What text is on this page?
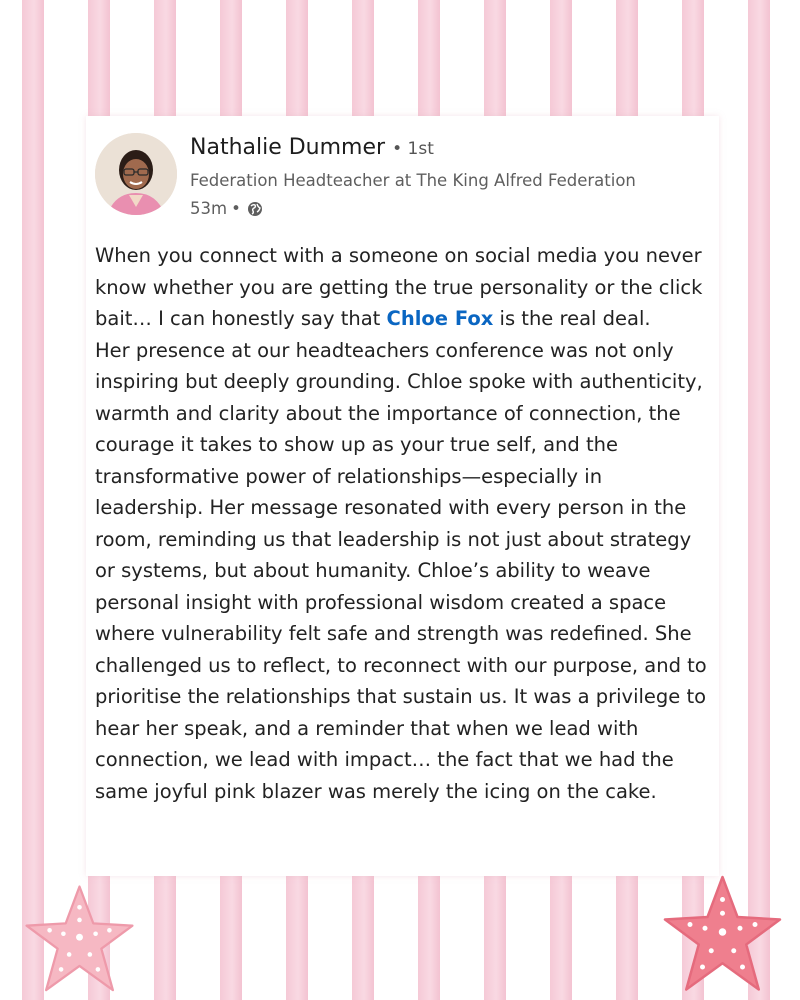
Nathalie Dummer • 1st
Federation Headteacher at The King Alfred Federation
53m •

When you connect with a someone on social media you never know whether you are getting the true personality or the click bait… I can honestly say that Chloe Fox is the real deal.

Her presence at our headteachers conference was not only inspiring but deeply grounding. Chloe spoke with authenticity, warmth and clarity about the importance of connection, the courage it takes to show up as your true self, and the transformative power of relationships—especially in leadership. Her message resonated with every person in the room, reminding us that leadership is not just about strategy or systems, but about humanity. Chloe’s ability to weave personal insight with professional wisdom created a space where vulnerability felt safe and strength was redefined. She challenged us to reflect, to reconnect with our purpose, and to prioritise the relationships that sustain us. It was a privilege to hear her speak, and a reminder that when we lead with connection, we lead with impact… the fact that we had the same joyful pink blazer was merely the icing on the cake.
